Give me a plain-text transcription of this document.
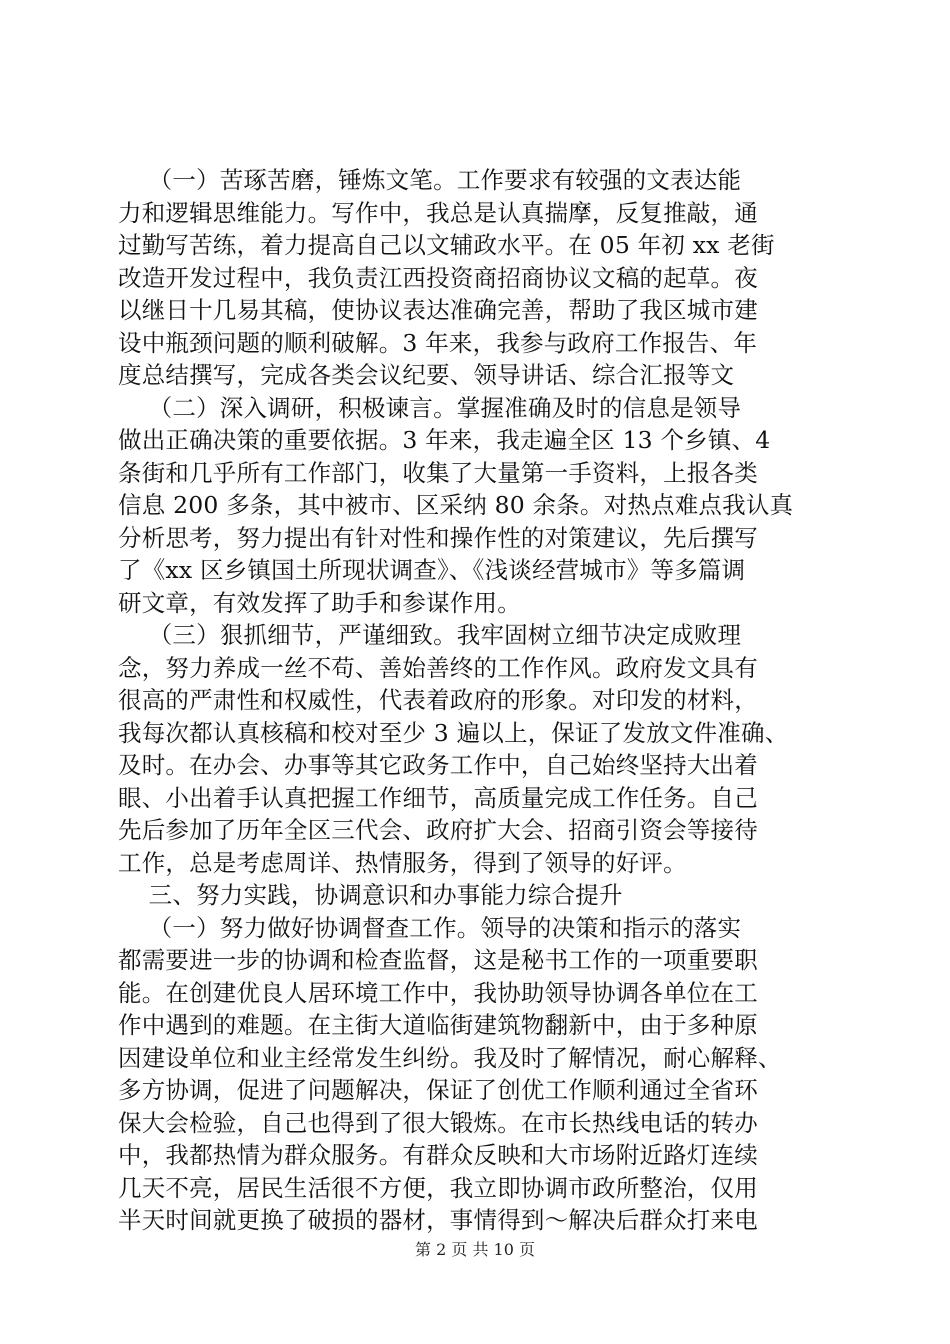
（一）苦琢苦磨，锤炼文笔。工作要求有较强的文表达能
力和逻辑思维能力。写作中，我总是认真揣摩，反复推敲，通
过勤写苦练，着力提高自己以文辅政水平。在 05 年初 xx 老街
改造开发过程中，我负责江西投资商招商协议文稿的起草。夜
以继日十几易其稿，使协议表达准确完善，帮助了我区城市建
设中瓶颈问题的顺利破解。3 年来，我参与政府工作报告、年
度总结撰写，完成各类会议纪要、领导讲话、综合汇报等文
（二）深入调研，积极谏言。掌握准确及时的信息是领导
做出正确决策的重要依据。3 年来，我走遍全区 13 个乡镇、4
条街和几乎所有工作部门，收集了大量第一手资料，上报各类
信息 200 多条，其中被市、区采纳 80 余条。对热点难点我认真
分析思考，努力提出有针对性和操作性的对策建议，先后撰写
了《xx 区乡镇国土所现状调查》、《浅谈经营城市》等多篇调
研文章，有效发挥了助手和参谋作用。
（三）狠抓细节，严谨细致。我牢固树立细节决定成败理
念，努力养成一丝不苟、善始善终的工作作风。政府发文具有
很高的严肃性和权威性，代表着政府的形象。对印发的材料，
我每次都认真核稿和校对至少 3 遍以上，保证了发放文件准确、
及时。在办会、办事等其它政务工作中，自己始终坚持大出着
眼、小出着手认真把握工作细节，高质量完成工作任务。自己
先后参加了历年全区三代会、政府扩大会、招商引资会等接待
工作，总是考虑周详、热情服务，得到了领导的好评。
三、努力实践，协调意识和办事能力综合提升
（一）努力做好协调督查工作。领导的决策和指示的落实
都需要进一步的协调和检查监督，这是秘书工作的一项重要职
能。在创建优良人居环境工作中，我协助领导协调各单位在工
作中遇到的难题。在主街大道临街建筑物翻新中，由于多种原
因建设单位和业主经常发生纠纷。我及时了解情况，耐心解释、
多方协调，促进了问题解决，保证了创优工作顺利通过全省环
保大会检验，自己也得到了很大锻炼。在市长热线电话的转办
中，我都热情为群众服务。有群众反映和大市场附近路灯连续
几天不亮，居民生活很不方便，我立即协调市政所整治，仅用
半天时间就更换了破损的器材，事情得到～解决后群众打来电
第 2 页 共 10 页
